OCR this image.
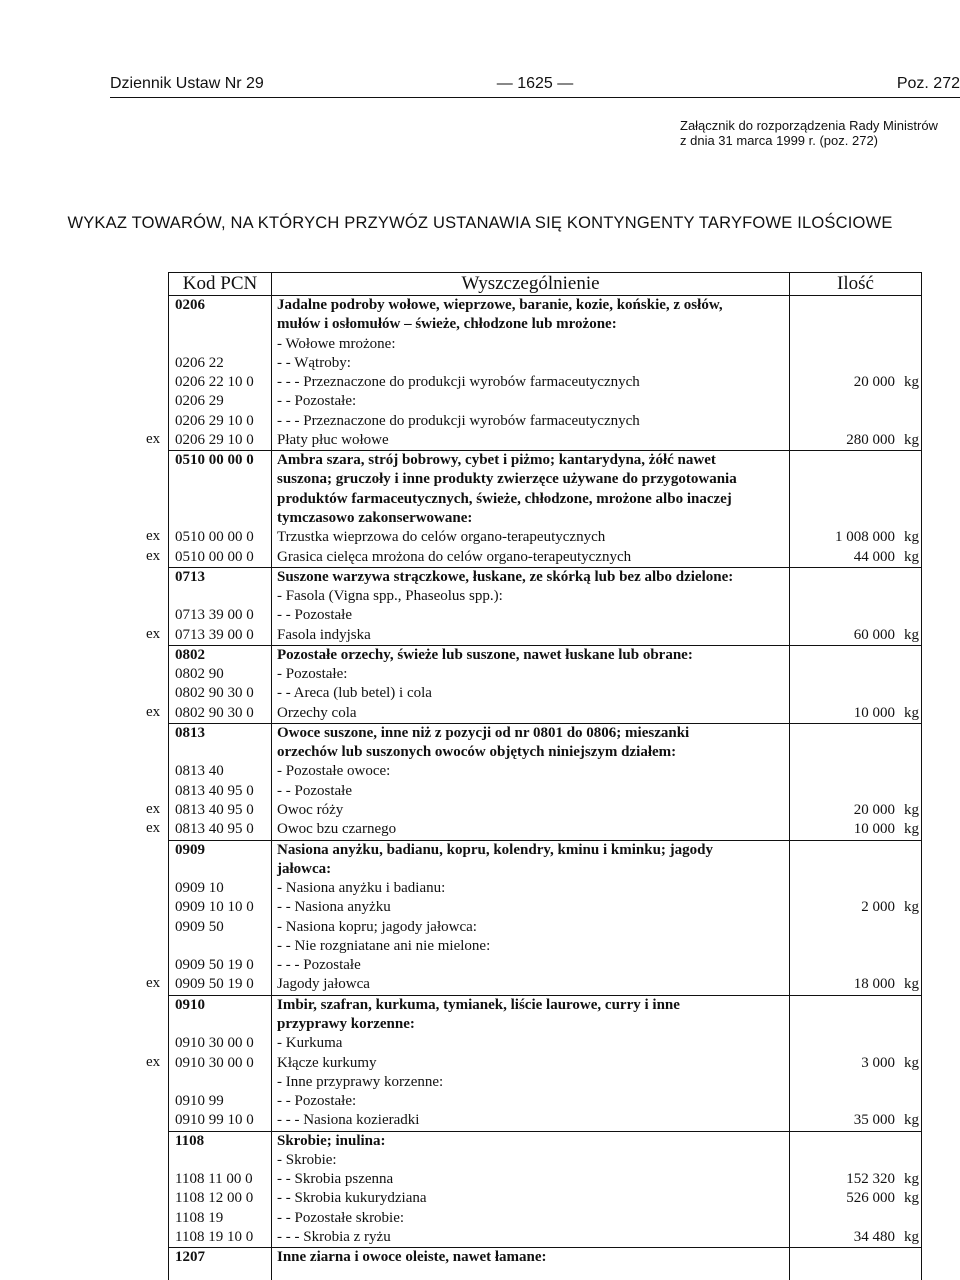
Dziennik Ustaw Nr 29	— 1625 —	Poz. 272
Załącznik do rozporządzenia Rady Ministrów
z dnia 31 marca 1999 r. (poz. 272)
WYKAZ TOWARÓW, NA KTÓRYCH PRZYWÓZ USTANAWIA SIĘ KONTYNGENTY TARYFOWE ILOŚCIOWE
ex
ex
ex
ex
ex
ex
ex
ex
ex
Kod PCN	Wyszczególnienie	Ilość
0206	Jadalne podroby wołowe, wieprzowe, baranie, kozie, końskie, z osłów,
mułów i osłomułów – świeże, chłodzone lub mrożone:
- Wołowe mrożone:
0206 22	- - Wątroby:
0206 22 10 0 - - - Przeznaczone do produkcji wyrobów farmaceutycznych	20 000 kg
0206 29	- - Pozostałe:
0206 29 10 0 - - - Przeznaczone do produkcji wyrobów farmaceutycznych
0206 29 10 0 Płaty płuc wołowe	280 000 kg
0510 00 00 0 Ambra szara, strój bobrowy, cybet i piżmo; kantarydyna, żółć nawet
suszona; gruczoły i inne produkty zwierzęce używane do przygotowania
produktów farmaceutycznych, świeże, chłodzone, mrożone albo inaczej
tymczasowo zakonserwowane:
0510 00 00 0 Trzustka wieprzowa do celów organo-terapeutycznych	1 008 000 kg
0510 00 00 0 Grasica cielęca mrożona do celów organo-terapeutycznych	44 000 kg
0713	Suszone warzywa strączkowe, łuskane, ze skórką lub bez albo dzielone:
- Fasola (Vigna spp., Phaseolus spp.):
0713 39 00 0 - - Pozostałe
0713 39 00 0 Fasola indyjska	60 000 kg
0802	Pozostałe orzechy, świeże lub suszone, nawet łuskane lub obrane:
0802 90	- Pozostałe:
0802 90 30 0 - - Areca (lub betel) i cola
0802 90 30 0 Orzechy cola	10 000 kg
0813	Owoce suszone, inne niż z pozycji od nr 0801 do 0806; mieszanki
orzechów lub suszonych owoców objętych niniejszym działem:
0813 40	- Pozostałe owoce:
0813 40 95 0 - - Pozostałe
0813 40 95 0 Owoc róży	20 000 kg
0813 40 95 0 Owoc bzu czarnego	10 000 kg
0909	Nasiona anyżku, badianu, kopru, kolendry, kminu i kminku; jagody
jałowca:
0909 10	- Nasiona anyżku i badianu:
0909 10 10 0 - - Nasiona anyżku	2 000 kg
0909 50	- Nasiona kopru; jagody jałowca:
- - Nie rozgniatane ani nie mielone:
0909 50 19 0 - - - Pozostałe
0909 50 19 0 Jagody jałowca	18 000 kg
0910	Imbir, szafran, kurkuma, tymianek, liście laurowe, curry i inne
przyprawy korzenne:
0910 30 00 0 - Kurkuma
0910 30 00 0 Kłącze kurkumy	3 000 kg
- Inne przyprawy korzenne:
0910 99	- - Pozostałe:
0910 99 10 0 - - - Nasiona kozieradki	35 000 kg
1108	Skrobie; inulina:
- Skrobie:
1108 11 00 0 - - Skrobia pszenna	152 320 kg
1108 12 00 0 - - Skrobia kukurydziana	526 000 kg
1108 19	- - Pozostałe skrobie:
1108 19 10 0 - - - Skrobia z ryżu	34 480 kg
1207	Inne ziarna i owoce oleiste, nawet łamane:
